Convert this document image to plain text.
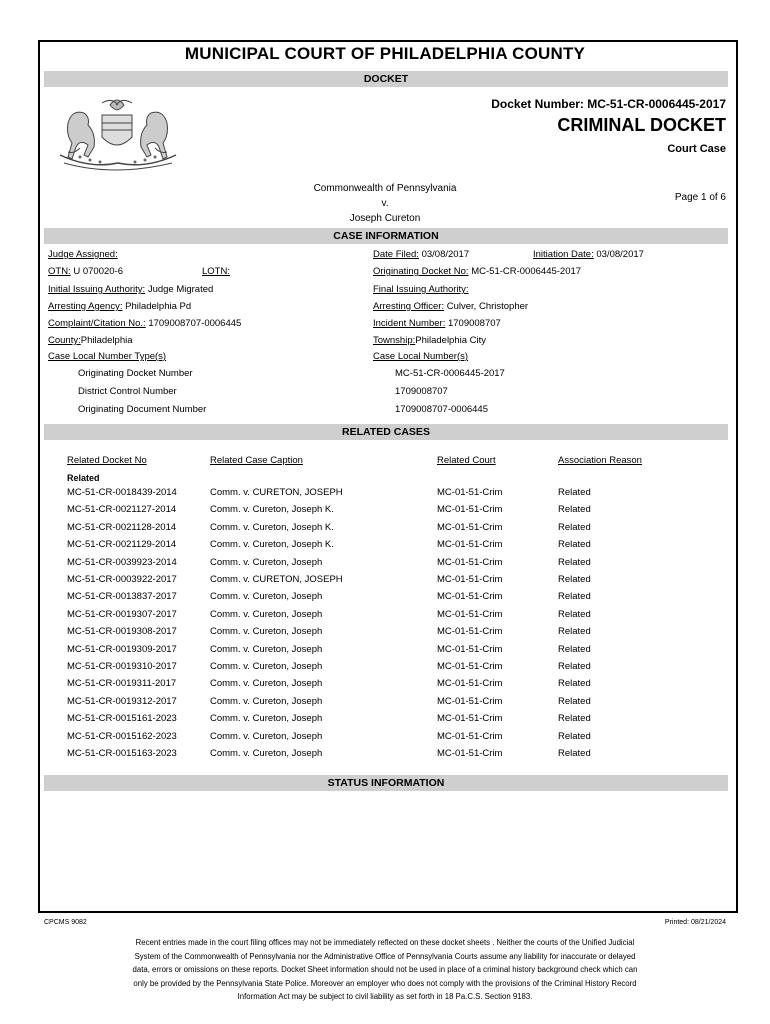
MUNICIPAL COURT OF PHILADELPHIA COUNTY
DOCKET
Docket Number: MC-51-CR-0006445-2017
CRIMINAL DOCKET
Court Case
Commonwealth of Pennsylvania
v.
Joseph Cureton
Page 1 of 6
CASE INFORMATION
Judge Assigned:	Date Filed: 03/08/2017	Initiation Date: 03/08/2017
OTN: U 070020-6	LOTN:	Originating Docket No: MC-51-CR-0006445-2017
Initial Issuing Authority: Judge Migrated	Final Issuing Authority:
Arresting Agency: Philadelphia Pd	Arresting Officer: Culver, Christopher
Complaint/Citation No.: 1709008707-0006445	Incident Number: 1709008707
County:Philadelphia	Township:Philadelphia City
Case Local Number Type(s)	Case Local Number(s)
Originating Docket Number	MC-51-CR-0006445-2017
District Control Number	1709008707
Originating Document Number	1709008707-0006445
RELATED CASES
Related Docket No	Related Case Caption	Related Court	Association Reason
Related
MC-51-CR-0018439-2014	Comm. v. CURETON, JOSEPH	MC-01-51-Crim	Related
MC-51-CR-0021127-2014	Comm. v. Cureton, Joseph K.	MC-01-51-Crim	Related
MC-51-CR-0021128-2014	Comm. v. Cureton, Joseph K.	MC-01-51-Crim	Related
MC-51-CR-0021129-2014	Comm. v. Cureton, Joseph K.	MC-01-51-Crim	Related
MC-51-CR-0039923-2014	Comm. v. Cureton, Joseph	MC-01-51-Crim	Related
MC-51-CR-0003922-2017	Comm. v. CURETON, JOSEPH	MC-01-51-Crim	Related
MC-51-CR-0013837-2017	Comm. v. Cureton, Joseph	MC-01-51-Crim	Related
MC-51-CR-0019307-2017	Comm. v. Cureton, Joseph	MC-01-51-Crim	Related
MC-51-CR-0019308-2017	Comm. v. Cureton, Joseph	MC-01-51-Crim	Related
MC-51-CR-0019309-2017	Comm. v. Cureton, Joseph	MC-01-51-Crim	Related
MC-51-CR-0019310-2017	Comm. v. Cureton, Joseph	MC-01-51-Crim	Related
MC-51-CR-0019311-2017	Comm. v. Cureton, Joseph	MC-01-51-Crim	Related
MC-51-CR-0019312-2017	Comm. v. Cureton, Joseph	MC-01-51-Crim	Related
MC-51-CR-0015161-2023	Comm. v. Cureton, Joseph	MC-01-51-Crim	Related
MC-51-CR-0015162-2023	Comm. v. Cureton, Joseph	MC-01-51-Crim	Related
MC-51-CR-0015163-2023	Comm. v. Cureton, Joseph	MC-01-51-Crim	Related
STATUS INFORMATION
CPCMS 9082	Printed: 08/21/2024
Recent entries made in the court filing offices may not be immediately reflected on these docket sheets . Neither the courts of the Unified Judicial
System of the Commonwealth of Pennsylvania nor the Administrative Office of Pennsylvania Courts assume any liability for inaccurate or delayed
data, errors or omissions on these reports. Docket Sheet information should not be used in place of a criminal history background check which can
only be provided by the Pennsylvania State Police. Moreover an employer who does not comply with the provisions of the Criminal History Record
Information Act may be subject to civil liability as set forth in 18 Pa.C.S. Section 9183.
